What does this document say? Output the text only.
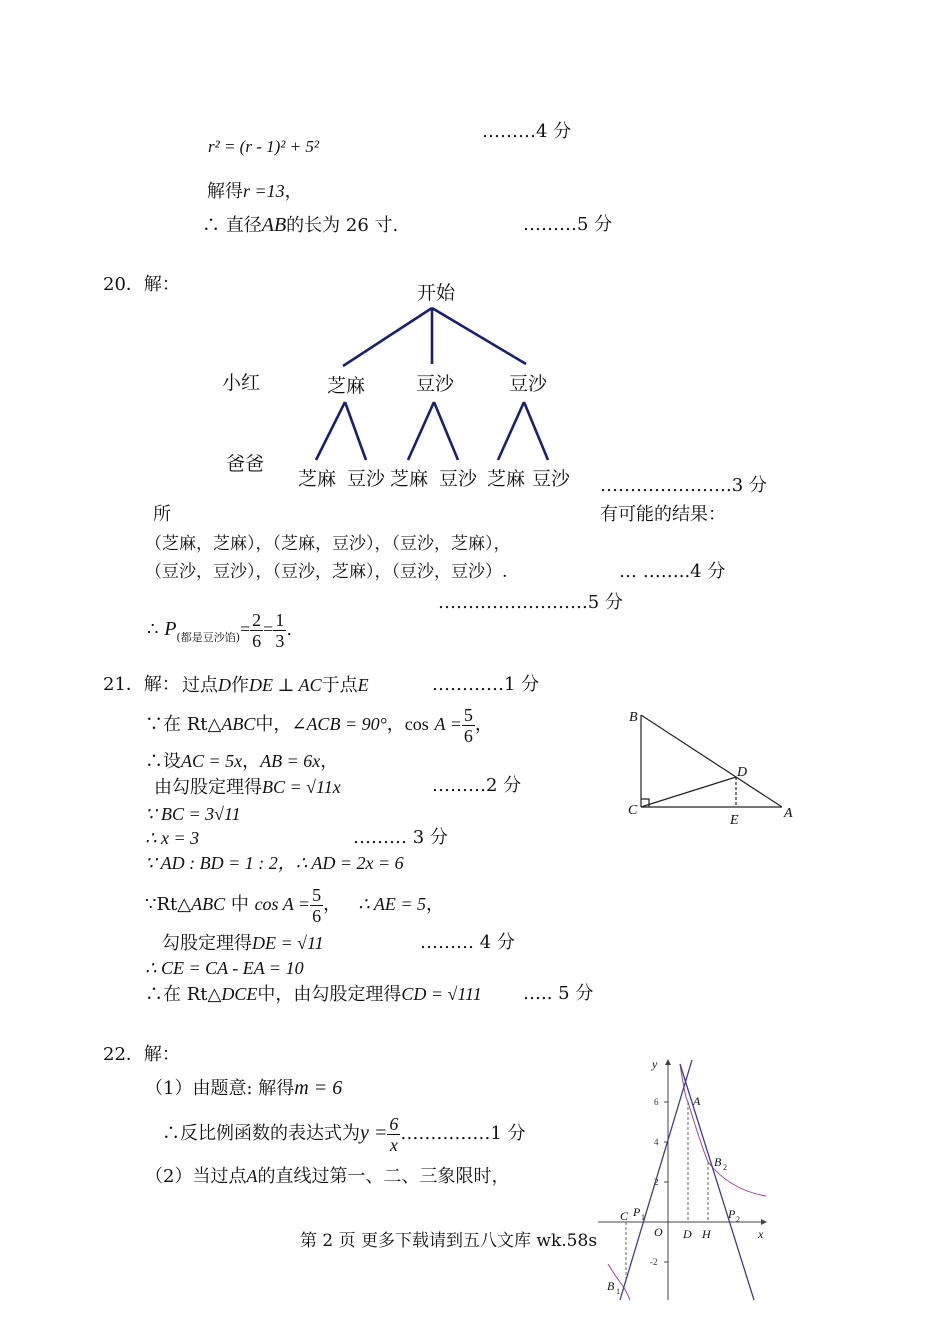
r² = (r - 1)² + 5²
………4 分
解得r =13，
∴ 直径AB的长为 26 寸.	………5 分
20．解：	开始
小红
爸爸
芝麻	豆沙	豆沙
芝麻 豆沙 芝麻 豆沙 芝麻 豆沙 ………………….3 分
所	有可能的结果：
（芝麻，芝麻），（芝麻，豆沙），（豆沙，芝麻），
（豆沙，豆沙），（豆沙，芝麻），（豆沙，豆沙）.	… ……..4 分
…………………….5 分
∴ $P_{(都是豆沙馅)}= \frac{2}{6} = \frac{1}{3}$ .
21．解： 过点D作DE ⊥ AC于点E	…………1 分
∵在 Rt△ABC中，∠ACB = 90°，$\cos A = \frac{5}{6}$ ，
∴设AC = 5x，AB = 6x，
由勾股定理得BC = √11x	………2 分
∵ BC = 3√11
∴ x = 3	……… 3 分
∵ AD : BD = 1 : 2，∴ AD = 2x = 6
∵Rt△ABC 中 $\cos A = \frac{5}{6}$ ， ∴ AE = 5，
勾股定理得DE = √11	……… 4 分
∴ CE = CA - EA = 10
∴在 Rt△DCE中，由勾股定理得CD = √111 ….. 5 分
B
C
D
E	A
22．解：
（1）由题意: 解得m = 6
∴反比例函数的表达式为$y = \frac{6}{x}$ ……………1 分
（2）当过点A的直线过第一、二、三象限时，
y
x
O
A
B 2
B 1
C P 1	P 2
D H
6
4
2
-2
第 2 页 更多下载请到五八文库 wk.58s
